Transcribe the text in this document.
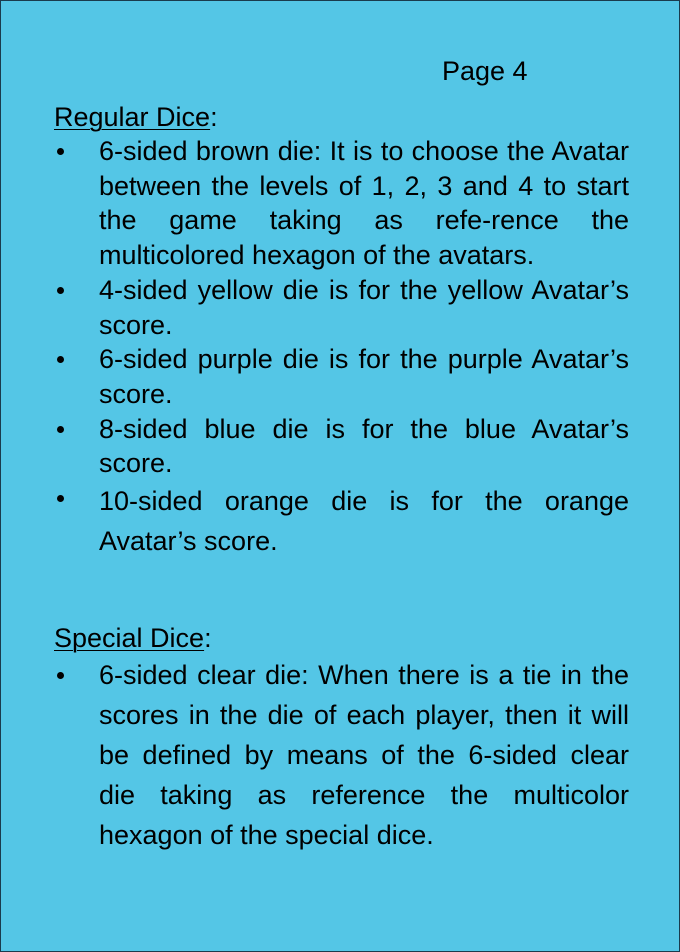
Page 4

Regular Dice:

6-sided brown die: It is to choose the Avatar between the levels of 1, 2, 3 and 4 to start the game taking as refe-rence the multicolored hexagon of the avatars.
4-sided yellow die is for the yellow Avatar’s score.
6-sided purple die is for the purple Avatar’s score.
8-sided blue die is for the blue Avatar’s score.
10-sided orange die is for the orange Avatar’s score.

Special Dice:

6-sided clear die: When there is a tie in the scores in the die of each player, then it will be defined by means of the 6-sided clear die taking as reference the multicolor hexagon of the special dice.
